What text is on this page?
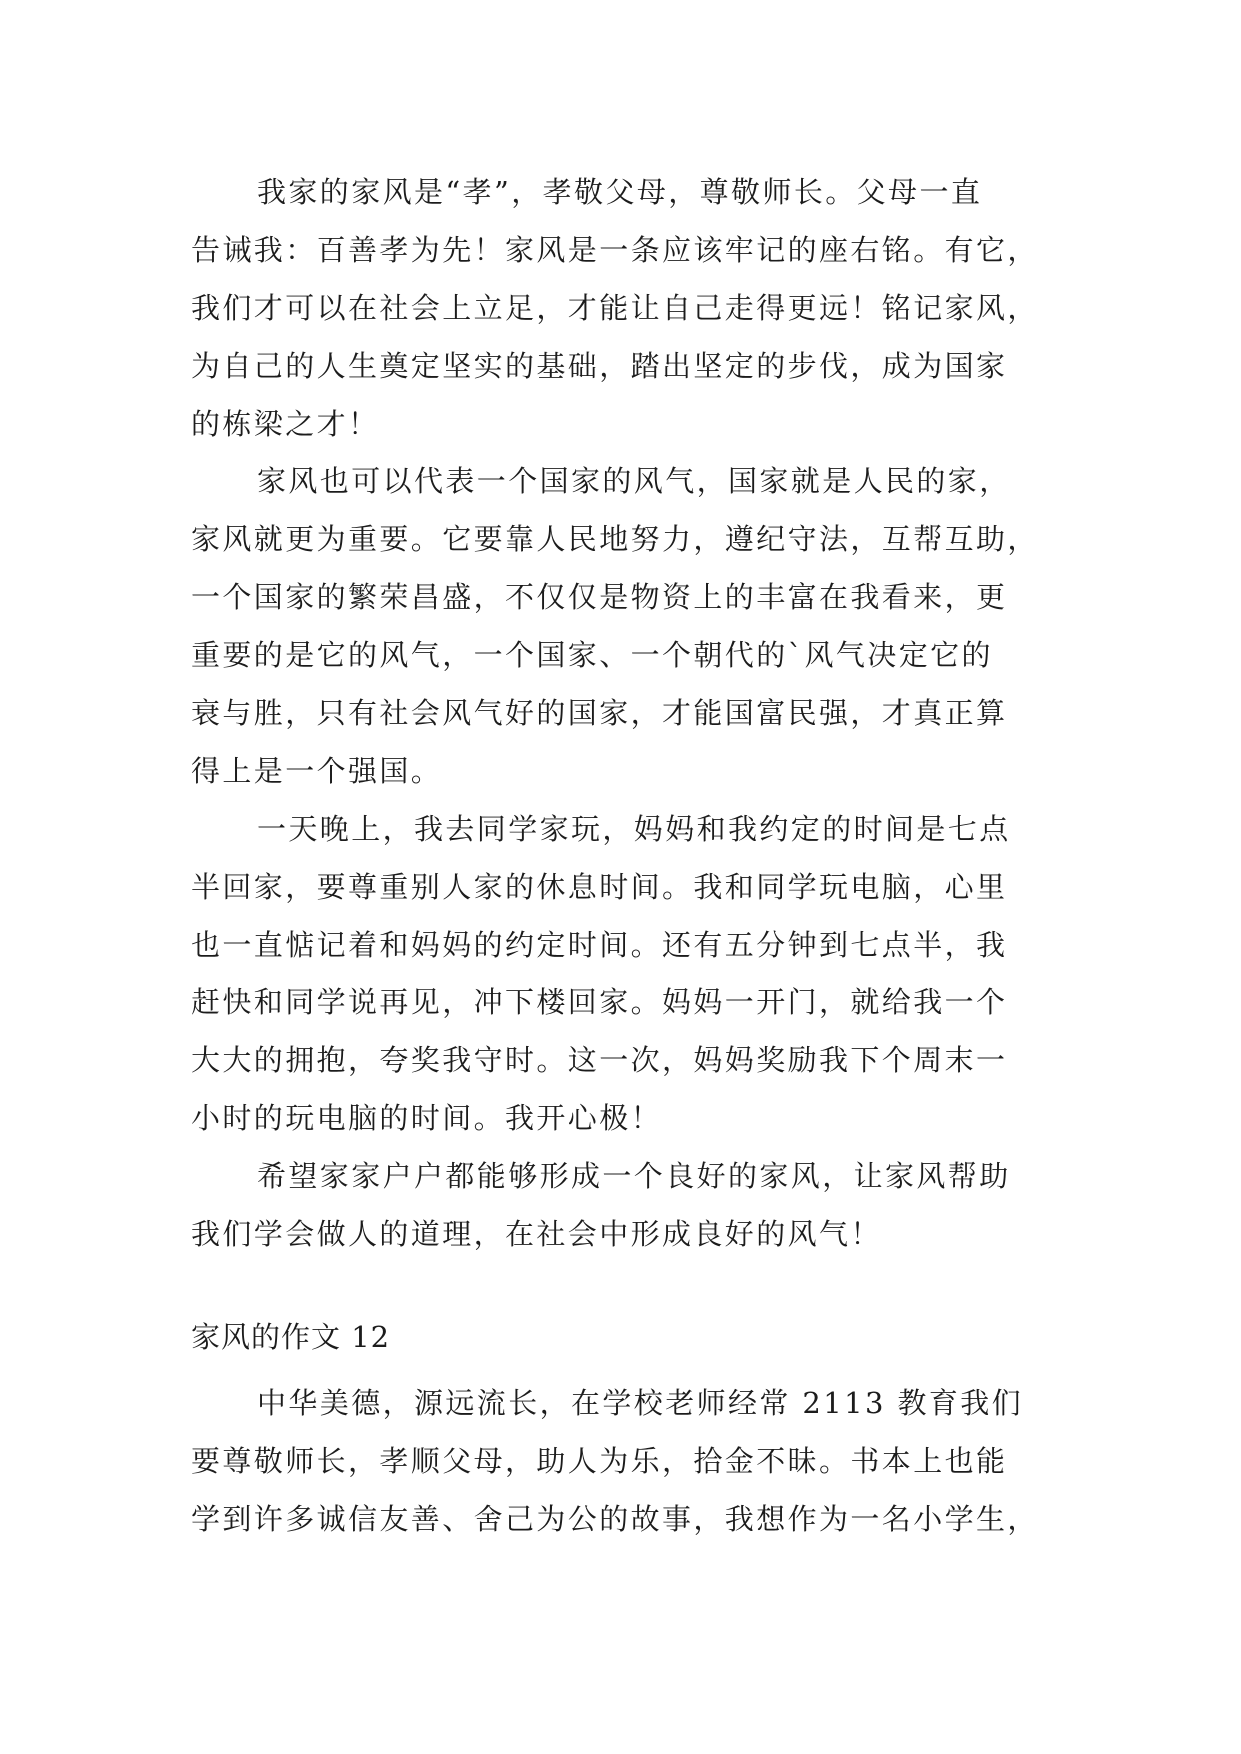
我家的家风是“孝”，孝敬父母，尊敬师长。父母一直
告诫我：百善孝为先！家风是一条应该牢记的座右铭。有它，
我们才可以在社会上立足，才能让自己走得更远！铭记家风，
为自己的人生奠定坚实的基础，踏出坚定的步伐，成为国家
的栋梁之才！
家风也可以代表一个国家的风气，国家就是人民的家，
家风就更为重要。它要靠人民地努力，遵纪守法，互帮互助，
一个国家的繁荣昌盛，不仅仅是物资上的丰富在我看来，更
重要的是它的风气，一个国家、一个朝代的`风气决定它的
衰与胜，只有社会风气好的国家，才能国富民强，才真正算
得上是一个强国。
一天晚上，我去同学家玩，妈妈和我约定的时间是七点
半回家，要尊重别人家的休息时间。我和同学玩电脑，心里
也一直惦记着和妈妈的约定时间。还有五分钟到七点半，我
赶快和同学说再见，冲下楼回家。妈妈一开门，就给我一个
大大的拥抱，夸奖我守时。这一次，妈妈奖励我下个周末一
小时的玩电脑的时间。我开心极！
希望家家户户都能够形成一个良好的家风，让家风帮助
我们学会做人的道理，在社会中形成良好的风气！
家风的作文 12
中华美德，源远流长，在学校老师经常 2113 教育我们
要尊敬师长，孝顺父母，助人为乐，拾金不昧。书本上也能
学到许多诚信友善、舍己为公的故事，我想作为一名小学生，
